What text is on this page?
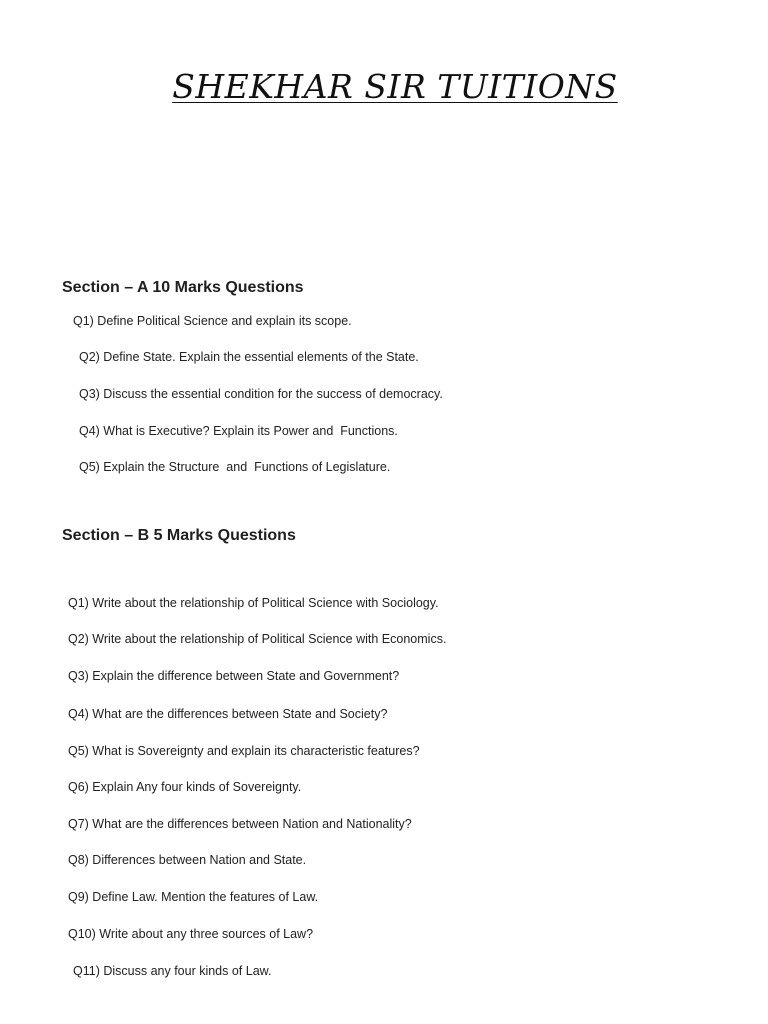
SHEKHAR SIR TUITIONS
Section – A 10 Marks Questions
Q1) Define Political Science and explain its scope.
Q2) Define State. Explain the essential elements of the State.
Q3) Discuss the essential condition for the success of democracy.
Q4) What is Executive? Explain its Power and  Functions.
Q5) Explain the Structure  and  Functions of Legislature.
Section – B 5 Marks Questions
Q1) Write about the relationship of Political Science with Sociology.
Q2) Write about the relationship of Political Science with Economics.
Q3) Explain the difference between State and Government?
Q4) What are the differences between State and Society?
Q5) What is Sovereignty and explain its characteristic features?
Q6) Explain Any four kinds of Sovereignty.
Q7) What are the differences between Nation and Nationality?
Q8) Differences between Nation and State.
Q9) Define Law. Mention the features of Law.
Q10) Write about any three sources of Law?
Q11) Discuss any four kinds of Law.
